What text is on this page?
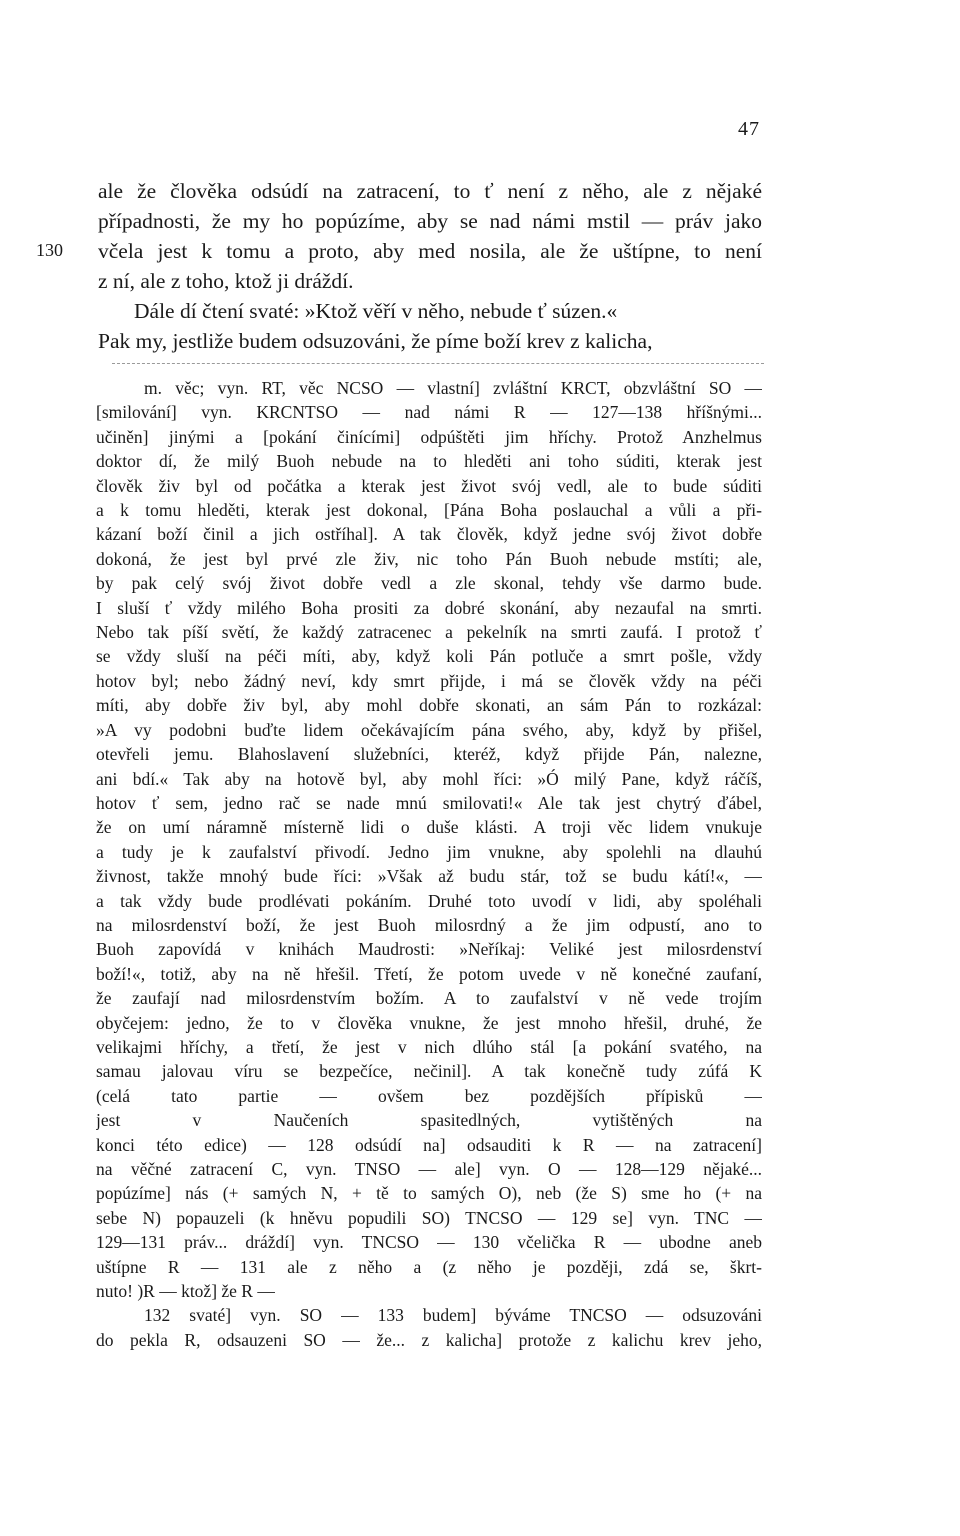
47
130
ale že člověka odsúdí na zatracení, to ť není z něho, ale z nějaké
případnosti, že my ho popúzíme, aby se nad námi mstil — práv jako
včela jest k tomu a proto, aby med nosila, ale že uštípne, to není
z ní, ale z toho, ktož ji dráždí.
Dále dí čtení svaté: »Ktož věří v něho, nebude ť súzen.«
Pak my, jestliže budem odsuzováni, že píme boží krev z kalicha,
m. věc; vyn. RT, věc NCSO — vlastní] zvláštní KRCT, obzvláštní SO —
[smilování] vyn. KRCNTSO — nad námi R — 127—138 hříšnými...
učiněn] jinými a [pokání činícími] odpúštěti jim hříchy. Protož Anzhelmus
doktor dí, že milý Buoh nebude na to hleděti ani toho súditi, kterak jest
člověk živ byl od počátka a kterak jest život svój vedl, ale to bude súditi
a k tomu hleděti, kterak jest dokonal, [Pána Boha poslauchal a vůli a při-
kázaní boží činil a jich ostříhal]. A tak člověk, když jedne svój život dobře
dokoná, že jest byl prvé zle živ, nic toho Pán Buoh nebude mstíti; ale,
by pak celý svój život dobře vedl a zle skonal, tehdy vše darmo bude.
I sluší ť vždy milého Boha prositi za dobré skonání, aby nezaufal na smrti.
Nebo tak píší světí, že každý zatracenec a pekelník na smrti zaufá. I protož ť
se vždy sluší na péči míti, aby, když koli Pán potluče a smrt pošle, vždy
hotov byl; nebo žádný neví, kdy smrt přijde, i má se člověk vždy na péči
míti, aby dobře živ byl, aby mohl dobře skonati, an sám Pán to rozkázal:
»A vy podobni buďte lidem očekávajícím pána svého, aby, když by přišel,
otevřeli jemu. Blahoslavení služebníci, kteréž, když přijde Pán, nalezne,
ani bdí.« Tak aby na hotově byl, aby mohl říci: »Ó milý Pane, když ráčíš,
hotov ť sem, jedno rač se nade mnú smilovati!« Ale tak jest chytrý ďábel,
že on umí náramně místerně lidi o duše klásti. A troji věc lidem vnukuje
a tudy je k zaufalství přivodí. Jedno jim vnukne, aby spolehli na dlauhú
živnost, takže mnohý bude říci: »Však až budu stár, tož se budu kátí!«, —
a tak vždy bude prodlévati pokáním. Druhé toto uvodí v lidi, aby spoléhali
na milosrdenství boží, že jest Buoh milosrdný a že jim odpustí, ano to
Buoh zapovídá v knihách Maudrosti: »Neříkaj: Veliké jest milosrdenství
boží!«, totiž, aby na ně hřešil. Třetí, že potom uvede v ně konečné zaufaní,
že zaufají nad milosrdenstvím božím. A to zaufalství v ně vede trojím
obyčejem: jedno, že to v člověka vnukne, že jest mnoho hřešil, druhé, že
velikajmi hříchy, a třetí, že jest v nich dlúho stál [a pokání svatého, na
samau jalovau víru se bezpečíce, nečinil]. A tak konečně tudy zúfá K
(celá tato partie — ovšem bez pozdějších přípisků —
jest v Naučeních spasitedlných, vytištěných na
konci této edice) — 128 odsúdí na] odsauditi k R — na zatracení]
na věčné zatracení C, vyn. TNSO — ale] vyn. O — 128—129 nějaké...
popúzíme] nás (+ samých N, + tě to samých O), neb (že S) sme ho (+ na
sebe N) popauzeli (k hněvu popudili SO) TNCSO — 129 se] vyn. TNC —
129—131 práv... dráždí] vyn. TNCSO — 130 včelička R — ubodne aneb
uštípne R — 131 ale z něho a (z něho je později, zdá se, škrt-
nuto! )R — ktož] že R —
132 svaté] vyn. SO — 133 budem] býváme TNCSO — odsuzováni
do pekla R, odsauzeni SO — že... z kalicha] protože z kalichu krev jeho,
